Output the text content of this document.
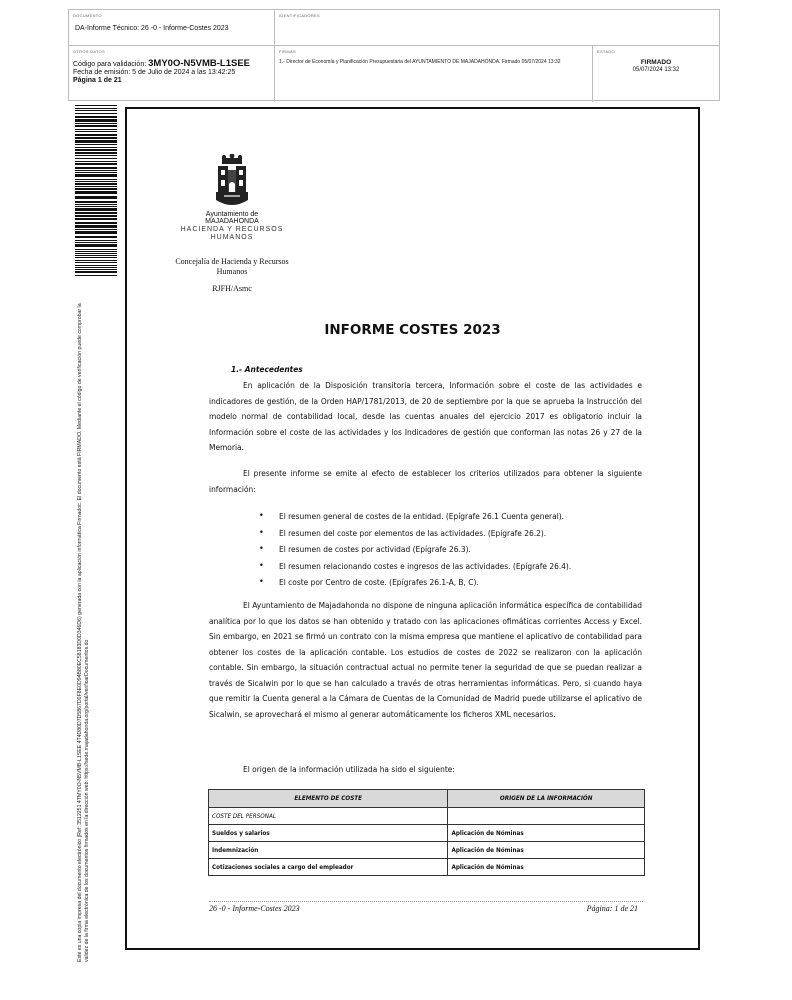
DOCUMENTO
DA-Informe Técnico: 26 -0 - Informe-Costes 2023
IDENTIFICADORES
OTROS DATOS
Código para validación: 3MY0O-N5VMB-L1SEE
Fecha de emisión: 5 de Julio de 2024 a las 13:42:25
Página 1 de 21
FIRMAS
1.- Director de Economía y Planificación Presupuestaria del AYUNTAMIENTO DE MAJADAHONDA. Firmado 05/07/2024 13:32
ESTADO
FIRMADO
05/07/2024 13:32
Este es una copia impresa del documento electrónico (Ref: 3512251 4TMY0O-N5VMB-L1SEE 4T4D80D7D5867D0F8E0D94B80EC58183D0D346D6) generada con la aplicación informática Firmadoc. El documento está FIRMADO. Mediante el código de verificación puede comprobar la validez de la firma electrónica de los documentos firmados en la dirección web: https://sede.majadahonda.org/portal/verificarDocumentos.do
Ayuntamiento de
MAJADAHONDA
HACIENDA Y RECURSOS
HUMANOS
Concejalía de Hacienda y Recursos Humanos
RJFH/Asmc
INFORME COSTES 2023
1.- Antecedentes

En aplicación de la Disposición transitoria tercera, Información sobre el coste de las actividades e indicadores de gestión, de la Orden HAP/1781/2013, de 20 de septiembre por la que se aprueba la Instrucción del modelo normal de contabilidad local, desde las cuentas anuales del ejercicio 2017 es obligatorio incluir la Información sobre el coste de las actividades y los Indicadores de gestión que conforman las notas 26 y 27 de la Memoria.

El presente informe se emite al efecto de establecer los criterios utilizados para obtener la siguiente información:

• El resumen general de costes de la entidad. (Epígrafe 26.1 Cuenta general).
• El resumen del coste por elementos de las actividades. (Epígrafe 26.2).
• El resumen de costes por actividad (Epígrafe 26.3).
• El resumen relacionando costes e ingresos de las actividades. (Epígrafe 26.4).
• El coste por Centro de coste. (Epígrafes 26.1-A, B, C).

El Ayuntamiento de Majadahonda no dispone de ninguna aplicación informática específica de contabilidad analítica por lo que los datos se han obtenido y tratado con las aplicaciones ofimáticas corrientes Access y Excel. Sin embargo, en 2021 se firmó un contrato con la misma empresa que mantiene el aplicativo de contabilidad para obtener los costes de la aplicación contable. Los estudios de costes de 2022 se realizaron con la aplicación contable. Sin embargo, la situación contractual actual no permite tener la seguridad de que se puedan realizar a través de Sicalwin por lo que se han calculado a través de otras herramientas informáticas. Pero, si cuando haya que remitir la Cuenta general a la Cámara de Cuentas de la Comunidad de Madrid puede utilizarse el aplicativo de Sicalwin, se aprovechará el mismo al generar automáticamente los ficheros XML necesarios.

El origen de la información utilizada ha sido el siguiente:

ELEMENTO DE COSTE	ORIGEN DE LA INFORMACIÓN
COSTE DEL PERSONAL	
Sueldos y salarios	Aplicación de Nóminas
Indemnización	Aplicación de Nóminas
Cotizaciones sociales a cargo del empleador	Aplicación de Nóminas
26 -0 - Informe-Costes 2023	Página: 1 de 21
